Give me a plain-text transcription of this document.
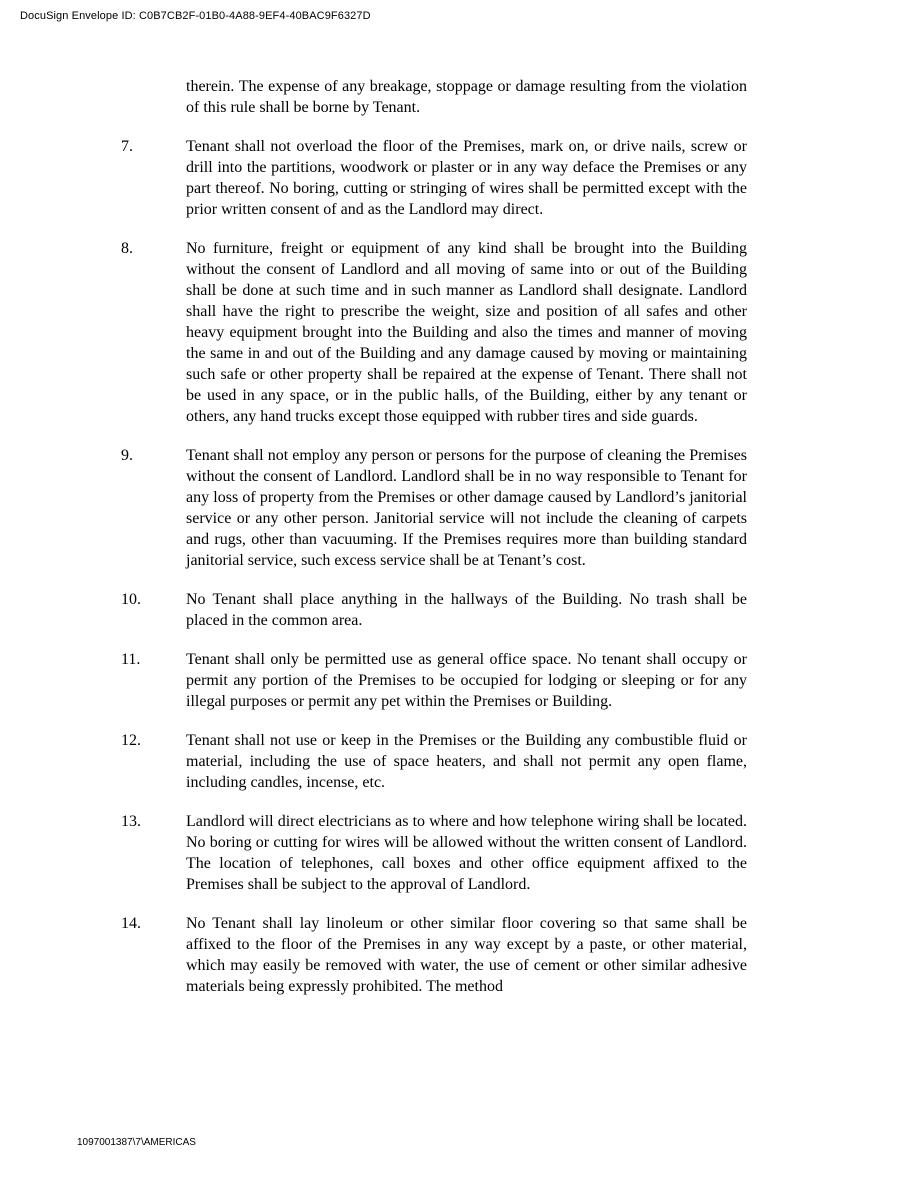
DocuSign Envelope ID: C0B7CB2F-01B0-4A88-9EF4-40BAC9F6327D
therein. The expense of any breakage, stoppage or damage resulting from the violation of this rule shall be borne by Tenant.
7.	Tenant shall not overload the floor of the Premises, mark on, or drive nails, screw or drill into the partitions, woodwork or plaster or in any way deface the Premises or any part thereof. No boring, cutting or stringing of wires shall be permitted except with the prior written consent of and as the Landlord may direct.
8.	No furniture, freight or equipment of any kind shall be brought into the Building without the consent of Landlord and all moving of same into or out of the Building shall be done at such time and in such manner as Landlord shall designate. Landlord shall have the right to prescribe the weight, size and position of all safes and other heavy equipment brought into the Building and also the times and manner of moving the same in and out of the Building and any damage caused by moving or maintaining such safe or other property shall be repaired at the expense of Tenant. There shall not be used in any space, or in the public halls, of the Building, either by any tenant or others, any hand trucks except those equipped with rubber tires and side guards.
9.	Tenant shall not employ any person or persons for the purpose of cleaning the Premises without the consent of Landlord. Landlord shall be in no way responsible to Tenant for any loss of property from the Premises or other damage caused by Landlord’s janitorial service or any other person. Janitorial service will not include the cleaning of carpets and rugs, other than vacuuming. If the Premises requires more than building standard janitorial service, such excess service shall be at Tenant’s cost.
10.	No Tenant shall place anything in the hallways of the Building. No trash shall be placed in the common area.
11.	Tenant shall only be permitted use as general office space. No tenant shall occupy or permit any portion of the Premises to be occupied for lodging or sleeping or for any illegal purposes or permit any pet within the Premises or Building.
12.	Tenant shall not use or keep in the Premises or the Building any combustible fluid or material, including the use of space heaters, and shall not permit any open flame, including candles, incense, etc.
13.	Landlord will direct electricians as to where and how telephone wiring shall be located. No boring or cutting for wires will be allowed without the written consent of Landlord. The location of telephones, call boxes and other office equipment affixed to the Premises shall be subject to the approval of Landlord.
14.	No Tenant shall lay linoleum or other similar floor covering so that same shall be affixed to the floor of the Premises in any way except by a paste, or other material, which may easily be removed with water, the use of cement or other similar adhesive materials being expressly prohibited. The method
1097001387\7\AMERICAS
